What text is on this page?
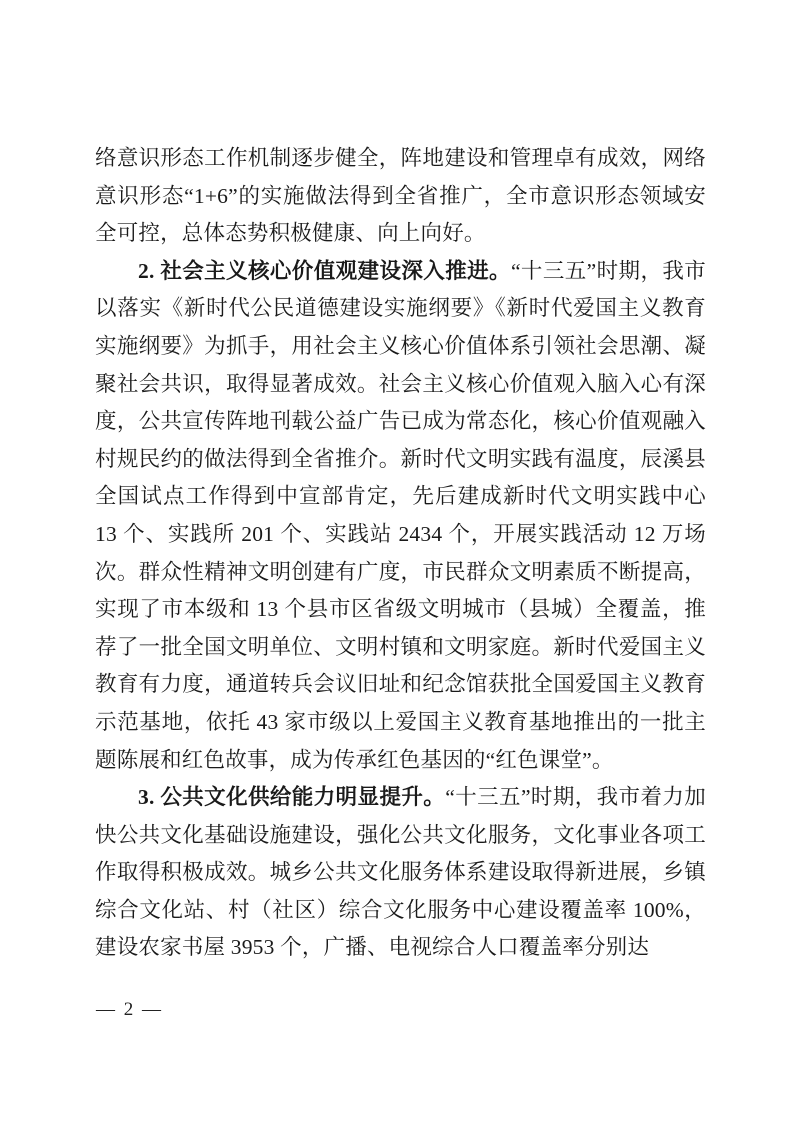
络意识形态工作机制逐步健全，阵地建设和管理卓有成效，网络意识形态“1+6”的实施做法得到全省推广，全市意识形态领域安全可控，总体态势积极健康、向上向好。

2. 社会主义核心价值观建设深入推进。“十三五”时期，我市以落实《新时代公民道德建设实施纲要》《新时代爱国主义教育实施纲要》为抓手，用社会主义核心价值体系引领社会思潮、凝聚社会共识，取得显著成效。社会主义核心价值观入脑入心有深度，公共宣传阵地刊载公益广告已成为常态化，核心价值观融入村规民约的做法得到全省推介。新时代文明实践有温度，辰溪县全国试点工作得到中宣部肯定，先后建成新时代文明实践中心 13 个、实践所 201 个、实践站 2434 个，开展实践活动 12 万场次。群众性精神文明创建有广度，市民群众文明素质不断提高，实现了市本级和 13 个县市区省级文明城市（县城）全覆盖，推荐了一批全国文明单位、文明村镇和文明家庭。新时代爱国主义教育有力度，通道转兵会议旧址和纪念馆获批全国爱国主义教育示范基地，依托 43 家市级以上爱国主义教育基地推出的一批主题陈展和红色故事，成为传承红色基因的“红色课堂”。

3. 公共文化供给能力明显提升。“十三五”时期，我市着力加快公共文化基础设施建设，强化公共文化服务，文化事业各项工作取得积极成效。城乡公共文化服务体系建设取得新进展，乡镇综合文化站、村（社区）综合文化服务中心建设覆盖率 100%，建设农家书屋 3953 个，广播、电视综合人口覆盖率分别达

— 2 —
